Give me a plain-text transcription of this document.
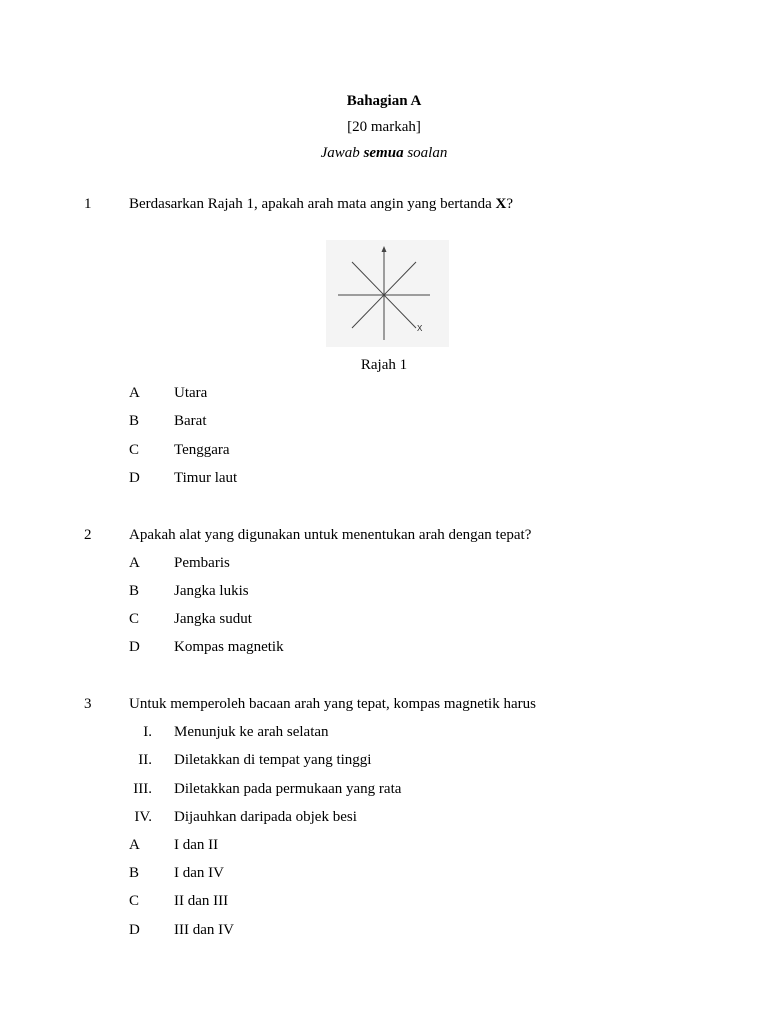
Bahagian A
[20 markah]
Jawab semua soalan
1	Berdasarkan Rajah 1, apakah arah mata angin yang bertanda X?
X
Rajah 1
A Utara
B Barat
C Tenggara
D Timur laut
2	Apakah alat yang digunakan untuk menentukan arah dengan tepat?
A Pembaris
B Jangka lukis
C Jangka sudut
D Kompas magnetik
3	Untuk memperoleh bacaan arah yang tepat, kompas magnetik harus
I. Menunjuk ke arah selatan
II. Diletakkan di tempat yang tinggi
III. Diletakkan pada permukaan yang rata
IV. Dijauhkan daripada objek besi
A I dan II
B I dan IV
C II dan III
D III dan IV
